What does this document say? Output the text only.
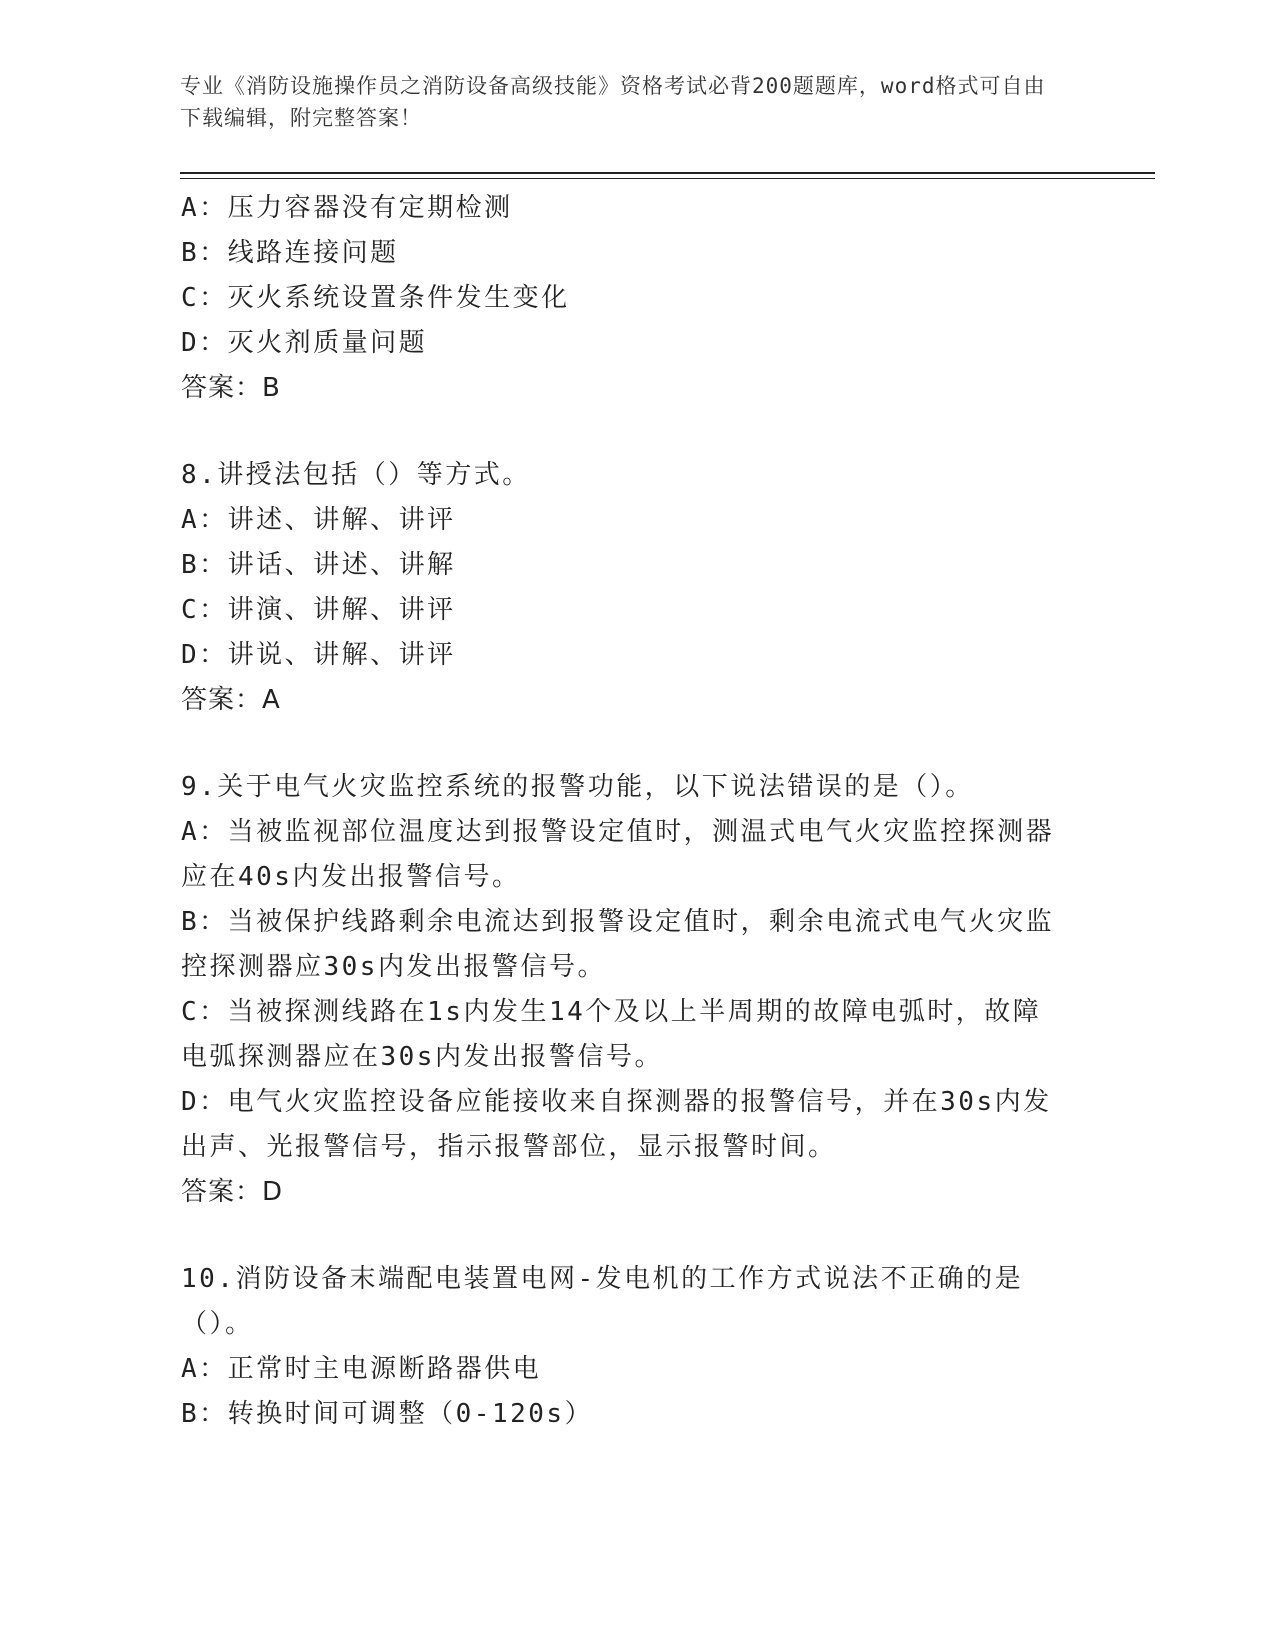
专业《消防设施操作员之消防设备高级技能》资格考试必背200题题库，word格式可自由下载编辑，附完整答案！

A：压力容器没有定期检测

B：线路连接问题

C：灭火系统设置条件发生变化

D：灭火剂质量问题

答案：B

8.讲授法包括（）等方式。

A：讲述、讲解、讲评

B：讲话、讲述、讲解

C：讲演、讲解、讲评

D：讲说、讲解、讲评

答案：A

9.关于电气火灾监控系统的报警功能，以下说法错误的是（）。

A：当被监视部位温度达到报警设定值时，测温式电气火灾监控探测器应在40s内发出报警信号。

B：当被保护线路剩余电流达到报警设定值时，剩余电流式电气火灾监控探测器应30s内发出报警信号。

C：当被探测线路在1s内发生14个及以上半周期的故障电弧时，故障电弧探测器应在30s内发出报警信号。

D：电气火灾监控设备应能接收来自探测器的报警信号，并在30s内发出声、光报警信号，指示报警部位，显示报警时间。

答案：D

10.消防设备末端配电装置电网-发电机的工作方式说法不正确的是（）。

A：正常时主电源断路器供电

B：转换时间可调整（0-120s）
